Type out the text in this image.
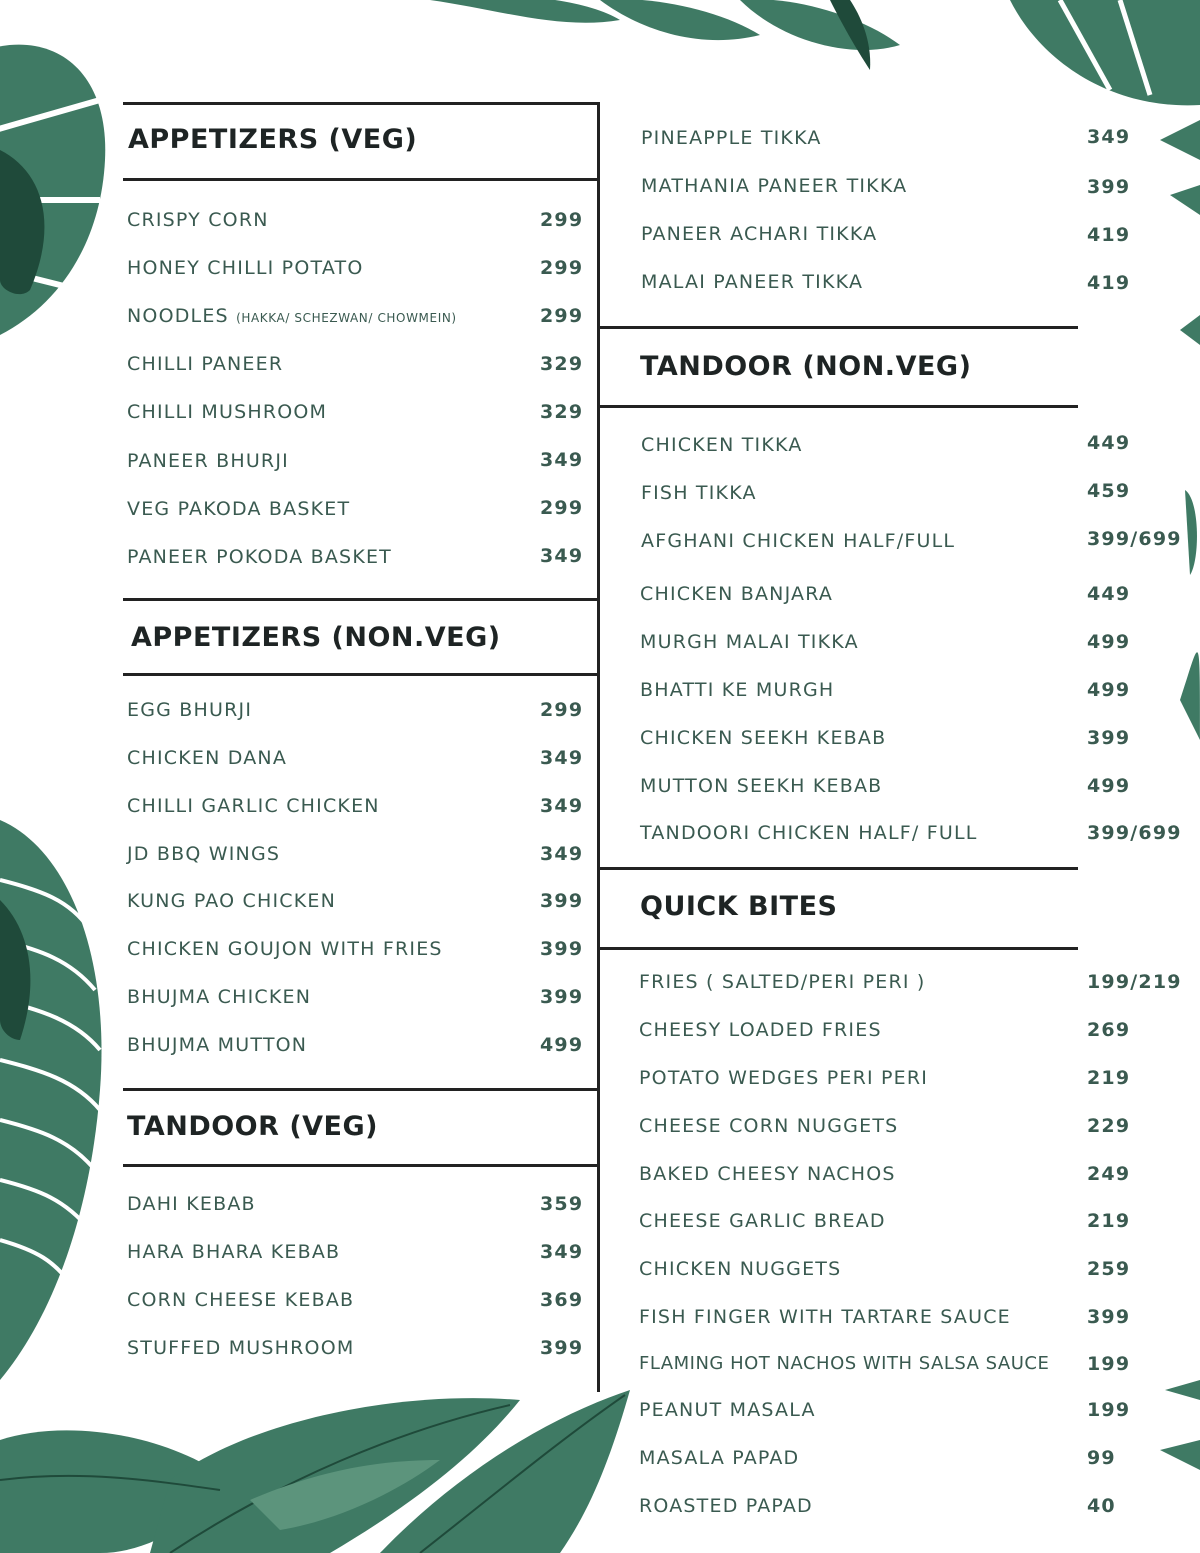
APPETIZERS (VEG)
CRISPY CORN	299
HONEY CHILLI POTATO	299
NOODLES (HAKKA/ SCHEZWAN/ CHOWMEIN)	299
CHILLI PANEER	329
CHILLI MUSHROOM	329
PANEER BHURJI	349
VEG PAKODA BASKET	299
PANEER POKODA BASKET	349
APPETIZERS (NON.VEG)
EGG BHURJI	299
CHICKEN DANA	349
CHILLI GARLIC CHICKEN	349
JD BBQ WINGS	349
KUNG PAO CHICKEN	399
CHICKEN GOUJON WITH FRIES	399
BHUJMA CHICKEN	399
BHUJMA MUTTON	499
TANDOOR (VEG)
DAHI KEBAB	359
HARA BHARA KEBAB	349
CORN CHEESE KEBAB	369
STUFFED MUSHROOM	399
PINEAPPLE TIKKA	349
MATHANIA PANEER TIKKA	399
PANEER ACHARI TIKKA	419
MALAI PANEER TIKKA	419
TANDOOR (NON.VEG)
CHICKEN TIKKA	449
FISH TIKKA	459
AFGHANI CHICKEN HALF/FULL	399/699
CHICKEN BANJARA	449
MURGH MALAI TIKKA	499
BHATTI KE MURGH	499
CHICKEN SEEKH KEBAB	399
MUTTON SEEKH KEBAB	499
TANDOORI CHICKEN HALF/ FULL	399/699
QUICK BITES
FRIES ( SALTED/PERI PERI )	199/219
CHEESY LOADED FRIES	269
POTATO WEDGES PERI PERI	219
CHEESE CORN NUGGETS	229
BAKED CHEESY NACHOS	249
CHEESE GARLIC BREAD	219
CHICKEN NUGGETS	259
FISH FINGER WITH TARTARE SAUCE	399
FLAMING HOT NACHOS WITH SALSA SAUCE 199
PEANUT MASALA	199
MASALA PAPAD	99
ROASTED PAPAD	40
